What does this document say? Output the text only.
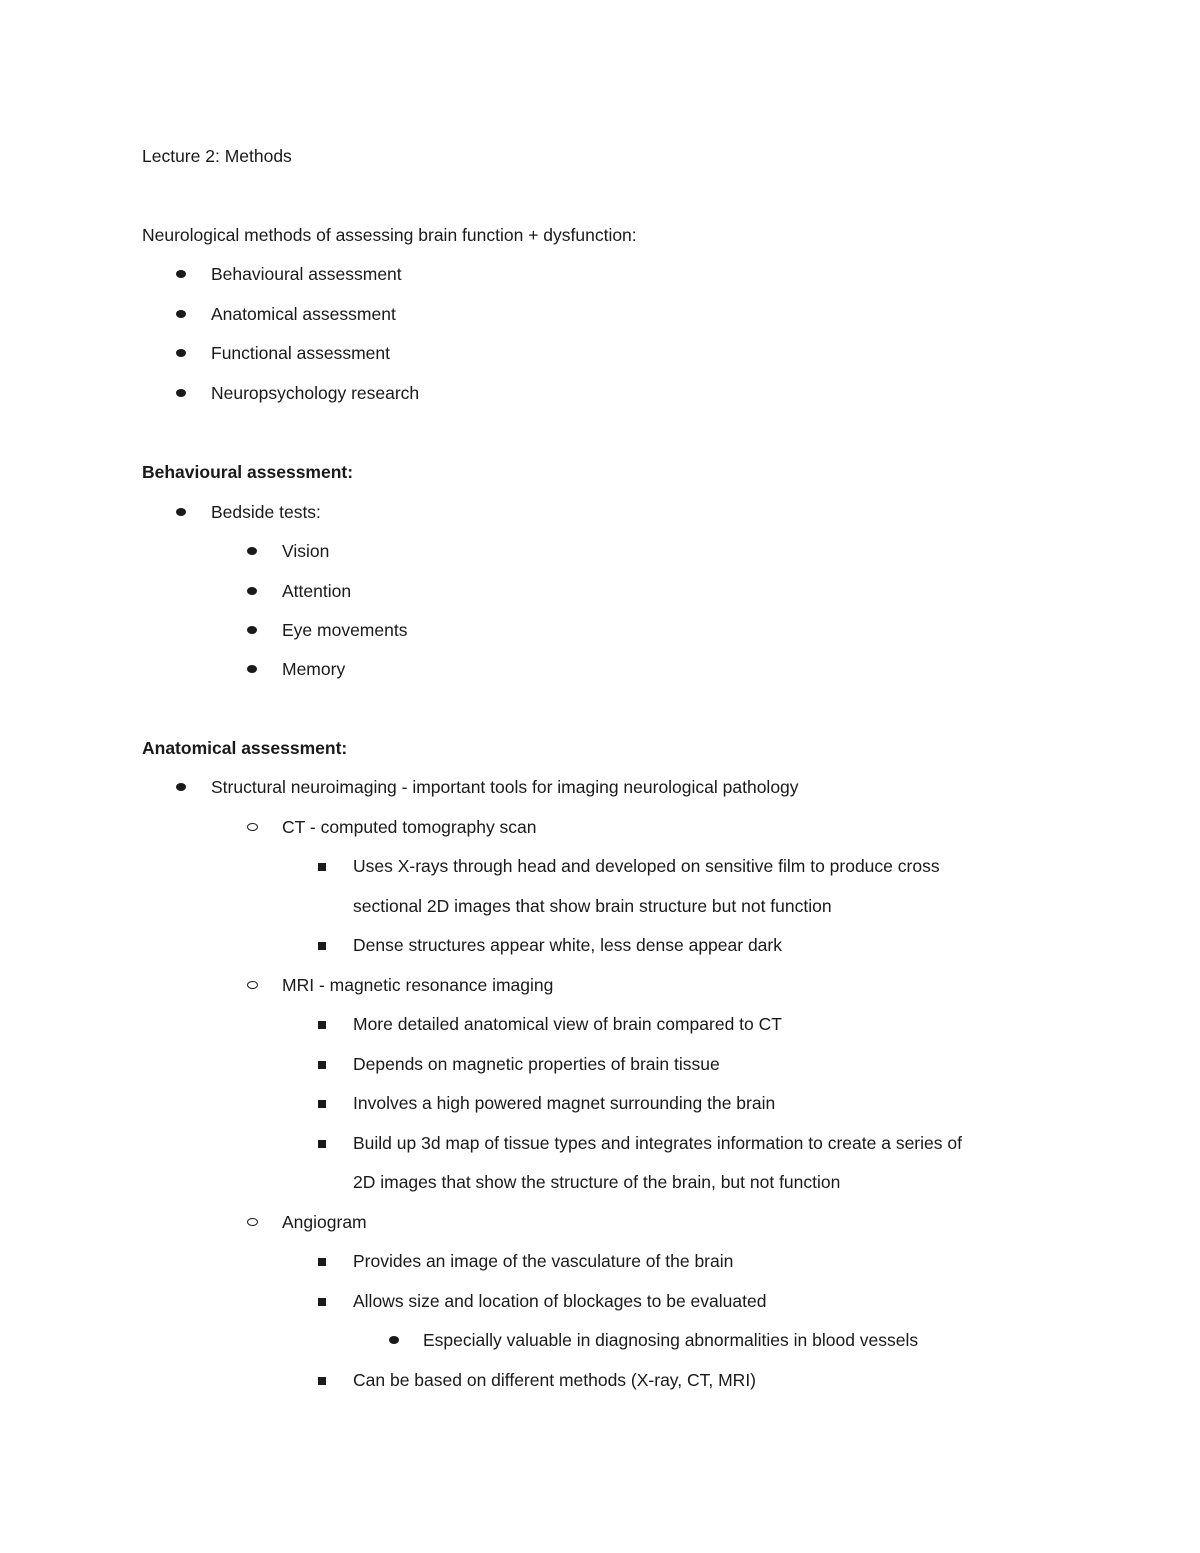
Lecture 2: Methods
Neurological methods of assessing brain function + dysfunction:
Behavioural assessment
Anatomical assessment
Functional assessment
Neuropsychology research
Behavioural assessment:
Bedside tests:
Vision
Attention
Eye movements
Memory
Anatomical assessment:
Structural neuroimaging - important tools for imaging neurological pathology
CT - computed tomography scan
Uses X-rays through head and developed on sensitive film to produce cross
sectional 2D images that show brain structure but not function
Dense structures appear white, less dense appear dark
MRI - magnetic resonance imaging
More detailed anatomical view of brain compared to CT
Depends on magnetic properties of brain tissue
Involves a high powered magnet surrounding the brain
Build up 3d map of tissue types and integrates information to create a series of
2D images that show the structure of the brain, but not function
Angiogram
Provides an image of the vasculature of the brain
Allows size and location of blockages to be evaluated
Especially valuable in diagnosing abnormalities in blood vessels
Can be based on different methods (X-ray, CT, MRI)
